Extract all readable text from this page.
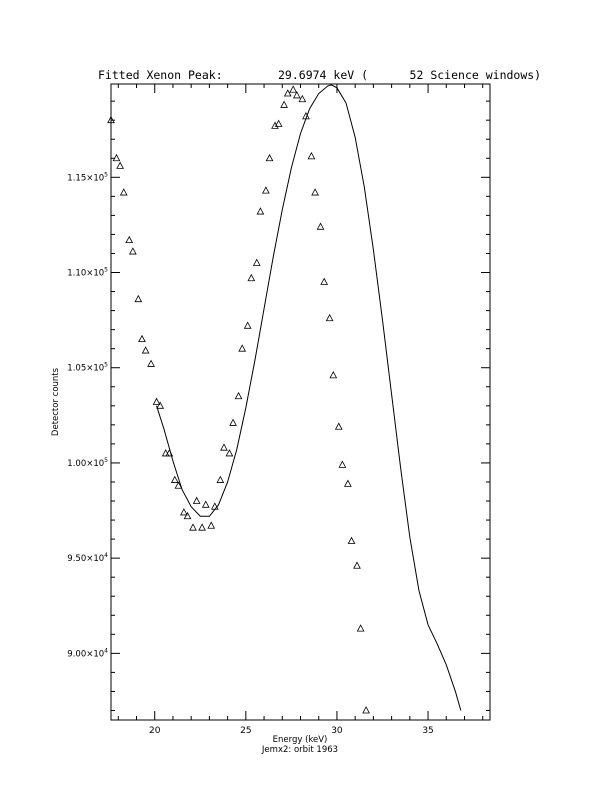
Fitted Xenon Peak:        29.6974 keV (      52 Science windows)
20	25	30	35
$9.00\times 10^4$
$9.50\times 10^4$
$1.00\times 10^5$
$1.05\times 10^5$
$1.10\times 10^5$
$1.15\times 10^5$
Energy (keV)
Jemx2: orbit 1963
Detector counts
